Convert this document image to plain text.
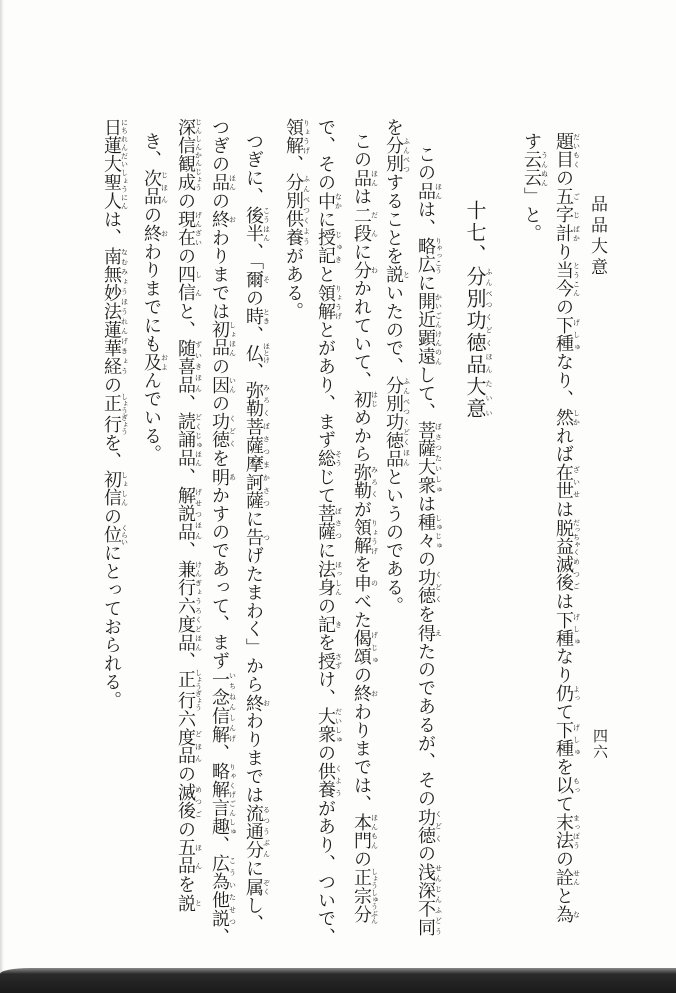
品品大意
四六
題目だいもくの五字ごじ計ばかり当今とうこんの下種げしゅなり、然しかれば在世ざいせは脱益だっちゃく滅後めつごは下種げしゅなり仍よって下種げしゅを以もって末法まっぽうの詮せんと為な
す云云うんぬん」と。
十七、分別ふんべつ功徳品くどくほん大意たいい
この品ほんは、略広りゃっこうに開近顕遠かいごんけんのんして、菩薩大衆ぼさつたいしゅは種々しゅじゅの功徳くどくを得えたのであるが、その功徳くどくの浅深不同せんじんふどう
を分別ふんべつすることを説といたので、分別功徳品ふんべつくどくほんというのである。
この品ほんは二段だんに分わかれていて、初はじめから弥勒みろくが領解りょうげを申のべた偈頌げじゅの終おわりまでは、本門ほんもんの正宗分しょうしゅうぶん
で、その中なかに授記じゅきと領解りょうげとがあり、まず総そうじて菩薩ぼさつに法身ほっしんの記きを授さずけ、大衆だいしゅの供養くようがあり、ついで、
領解りょうげ、分別供養ふんべつくようがある。
つぎに、後半こうはん、「爾その時とき、仏ほとけ、弥勒菩薩摩訶薩みろくぼさつまかさつに告つげたまわく」から終おわりまでは流通分るつうぶんに属ぞくし、
つぎの品ほんの終おわりまでは初品しょほんの因いんの功徳くどくを明あかすのであって、まず一念信解いちねんしんげ、略解言趣りゃくげごんしゅ、広為他説こういたせつ、
深信観成じんしんかんじょうの現在げんざいの四信しんと、随喜品ずいきほん、読誦品どくじゅほん、解説品げせつほん、兼行六度品けんぎょうろくどほん、正行しょうぎょう六度品どほんの滅後めつごの五品ほんを説と
き、次品じほんの終おわりまでにも及およんでいる。
日蓮大聖人にちれんだいしょうにんは、南無妙法蓮華経なむみょうほうれんげきょうの正行しょうぎょうを、初信しょしんの位くらいにとっておられる。
